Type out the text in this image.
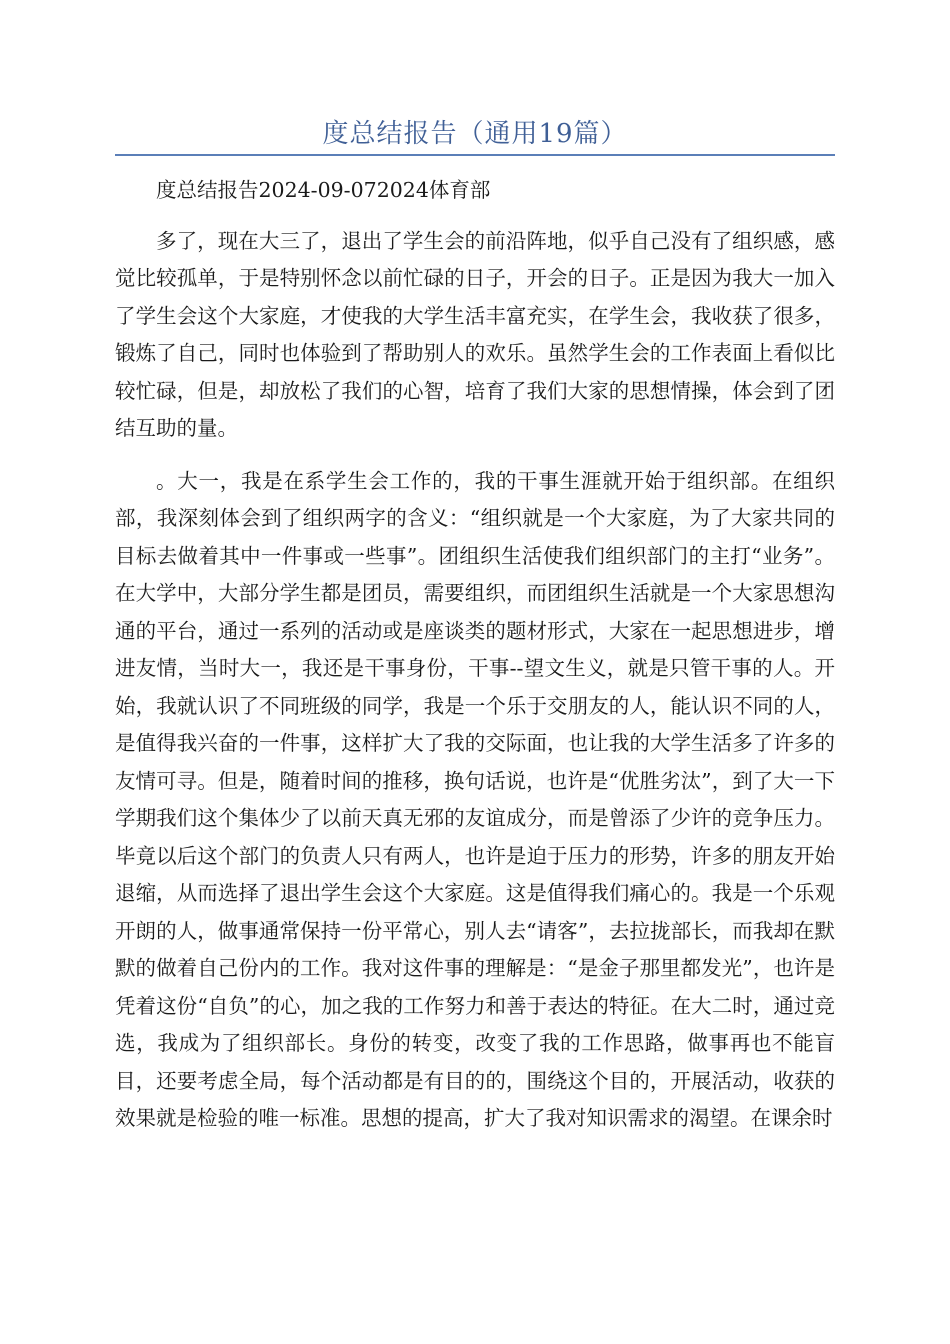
度总结报告（通用19篇）

度总结报告2024-09-072024体育部

多了，现在大三了，退出了学生会的前沿阵地，似乎自己没有了组织感，感觉比较孤单，于是特别怀念以前忙碌的日子，开会的日子。正是因为我大一加入了学生会这个大家庭，才使我的大学生活丰富充实，在学生会，我收获了很多，锻炼了自己，同时也体验到了帮助别人的欢乐。虽然学生会的工作表面上看似比较忙碌，但是，却放松了我们的心智，培育了我们大家的思想情操，体会到了团结互助的量。

。大一，我是在系学生会工作的，我的干事生涯就开始于组织部。在组织部，我深刻体会到了组织两字的含义：“组织就是一个大家庭，为了大家共同的目标去做着其中一件事或一些事”。团组织生活使我们组织部门的主打“业务”。在大学中，大部分学生都是团员，需要组织，而团组织生活就是一个大家思想沟通的平台，通过一系列的活动或是座谈类的题材形式，大家在一起思想进步，增进友情，当时大一，我还是干事身份，干事--望文生义，就是只管干事的人。开始，我就认识了不同班级的同学，我是一个乐于交朋友的人，能认识不同的人，是值得我兴奋的一件事，这样扩大了我的交际面，也让我的大学生活多了许多的友情可寻。但是，随着时间的推移，换句话说，也许是“优胜劣汰”，到了大一下学期我们这个集体少了以前天真无邪的友谊成分，而是曾添了少许的竞争压力。毕竟以后这个部门的负责人只有两人，也许是迫于压力的形势，许多的朋友开始退缩，从而选择了退出学生会这个大家庭。这是值得我们痛心的。我是一个乐观开朗的人，做事通常保持一份平常心，别人去“请客”，去拉拢部长，而我却在默默的做着自己份内的工作。我对这件事的理解是：“是金子那里都发光”，也许是凭着这份“自负”的心，加之我的工作努力和善于表达的特征。在大二时，通过竞选，我成为了组织部长。身份的转变，改变了我的工作思路，做事再也不能盲目，还要考虑全局，每个活动都是有目的的，围绕这个目的，开展活动，收获的效果就是检验的唯一标准。思想的提高，扩大了我对知识需求的渴望。在课余时
